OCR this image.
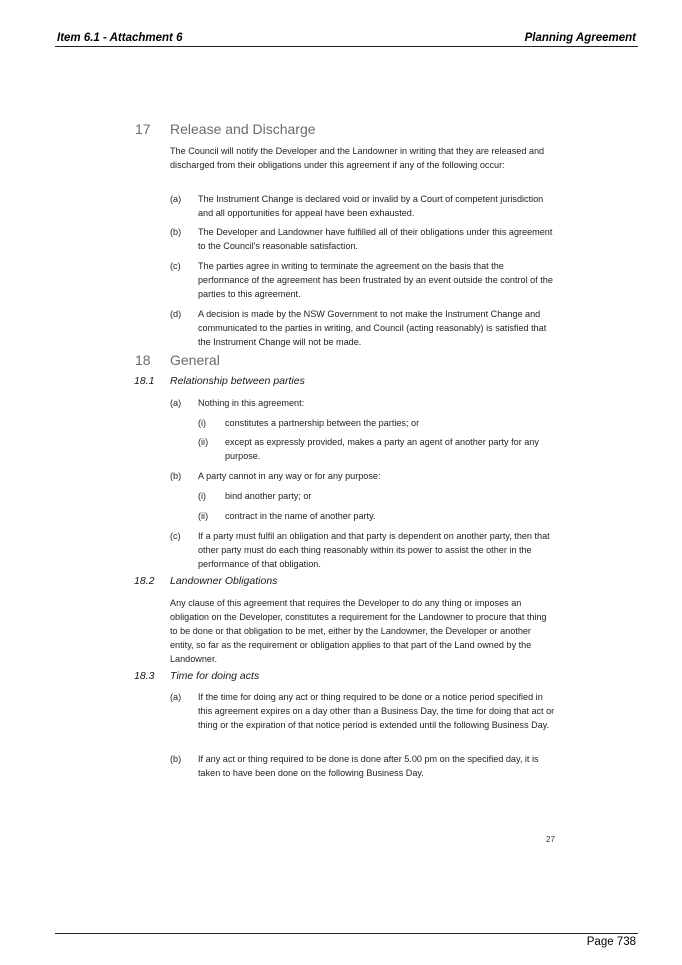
Item 6.1 - Attachment 6	Planning Agreement
17 Release and Discharge
The Council will notify the Developer and the Landowner in writing that they are released and discharged from their obligations under this agreement if any of the following occur:
(a) The Instrument Change is declared void or invalid by a Court of competent jurisdiction and all opportunities for appeal have been exhausted.
(b) The Developer and Landowner have fulfilled all of their obligations under this agreement to the Council's reasonable satisfaction.
(c) The parties agree in writing to terminate the agreement on the basis that the performance of the agreement has been frustrated by an event outside the control of the parties to this agreement.
(d) A decision is made by the NSW Government to not make the Instrument Change and communicated to the parties in writing, and Council (acting reasonably) is satisfied that the Instrument Change will not be made.
18 General
18.1 Relationship between parties
(a) Nothing in this agreement:
(i) constitutes a partnership between the parties; or
(ii) except as expressly provided, makes a party an agent of another party for any purpose.
(b) A party cannot in any way or for any purpose:
(i) bind another party; or
(ii) contract in the name of another party.
(c) If a party must fulfil an obligation and that party is dependent on another party, then that other party must do each thing reasonably within its power to assist the other in the performance of that obligation.
18.2 Landowner Obligations
Any clause of this agreement that requires the Developer to do any thing or imposes an obligation on the Developer, constitutes a requirement for the Landowner to procure that thing to be done or that obligation to be met, either by the Landowner, the Developer or another entity, so far as the requirement or obligation applies to that part of the Land owned by the Landowner.
18.3 Time for doing acts
(a) If the time for doing any act or thing required to be done or a notice period specified in this agreement expires on a day other than a Business Day, the time for doing that act or thing or the expiration of that notice period is extended until the following Business Day.
(b) If any act or thing required to be done is done after 5.00 pm on the specified day, it is taken to have been done on the following Business Day.
27
Page 738
